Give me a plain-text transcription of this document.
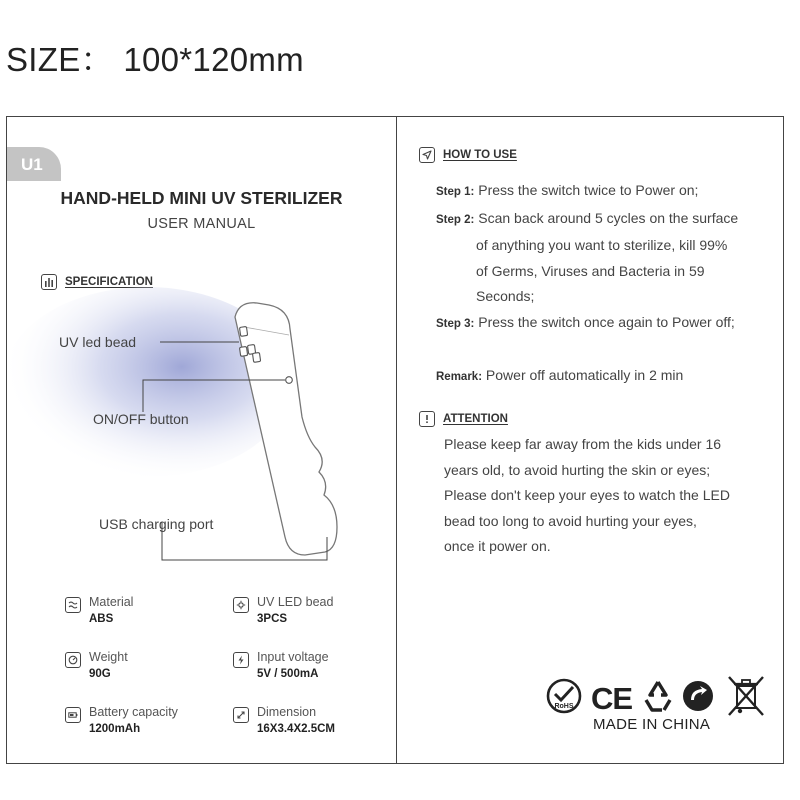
SIZE： 100*120mm
U1
HAND-HELD MINI UV STERILIZER
USER MANUAL
SPECIFICATION
UV led bead
ON/OFF button
USB charging port
Material
ABS
UV LED bead
3PCS
Weight
90G
Input voltage
5V / 500mA
Battery capacity
1200mAh
Dimension
16X3.4X2.5CM
HOW TO USE
ATTENTION
Step 1: Press the switch twice to Power on;
Step 2: Scan back around 5 cycles on the surface
of anything you want to sterilize, kill 99%
of Germs, Viruses and Bacteria in 59
Seconds;
Step 3: Press the switch once again to Power off;
Remark: Power off automatically in 2 min
Please keep far away from the kids under 16
years old, to avoid hurting the skin or eyes;
Please don't keep your eyes to watch the LED
bead too long to avoid hurting your eyes,
once it power on.
RoHS CE
MADE IN CHINA
